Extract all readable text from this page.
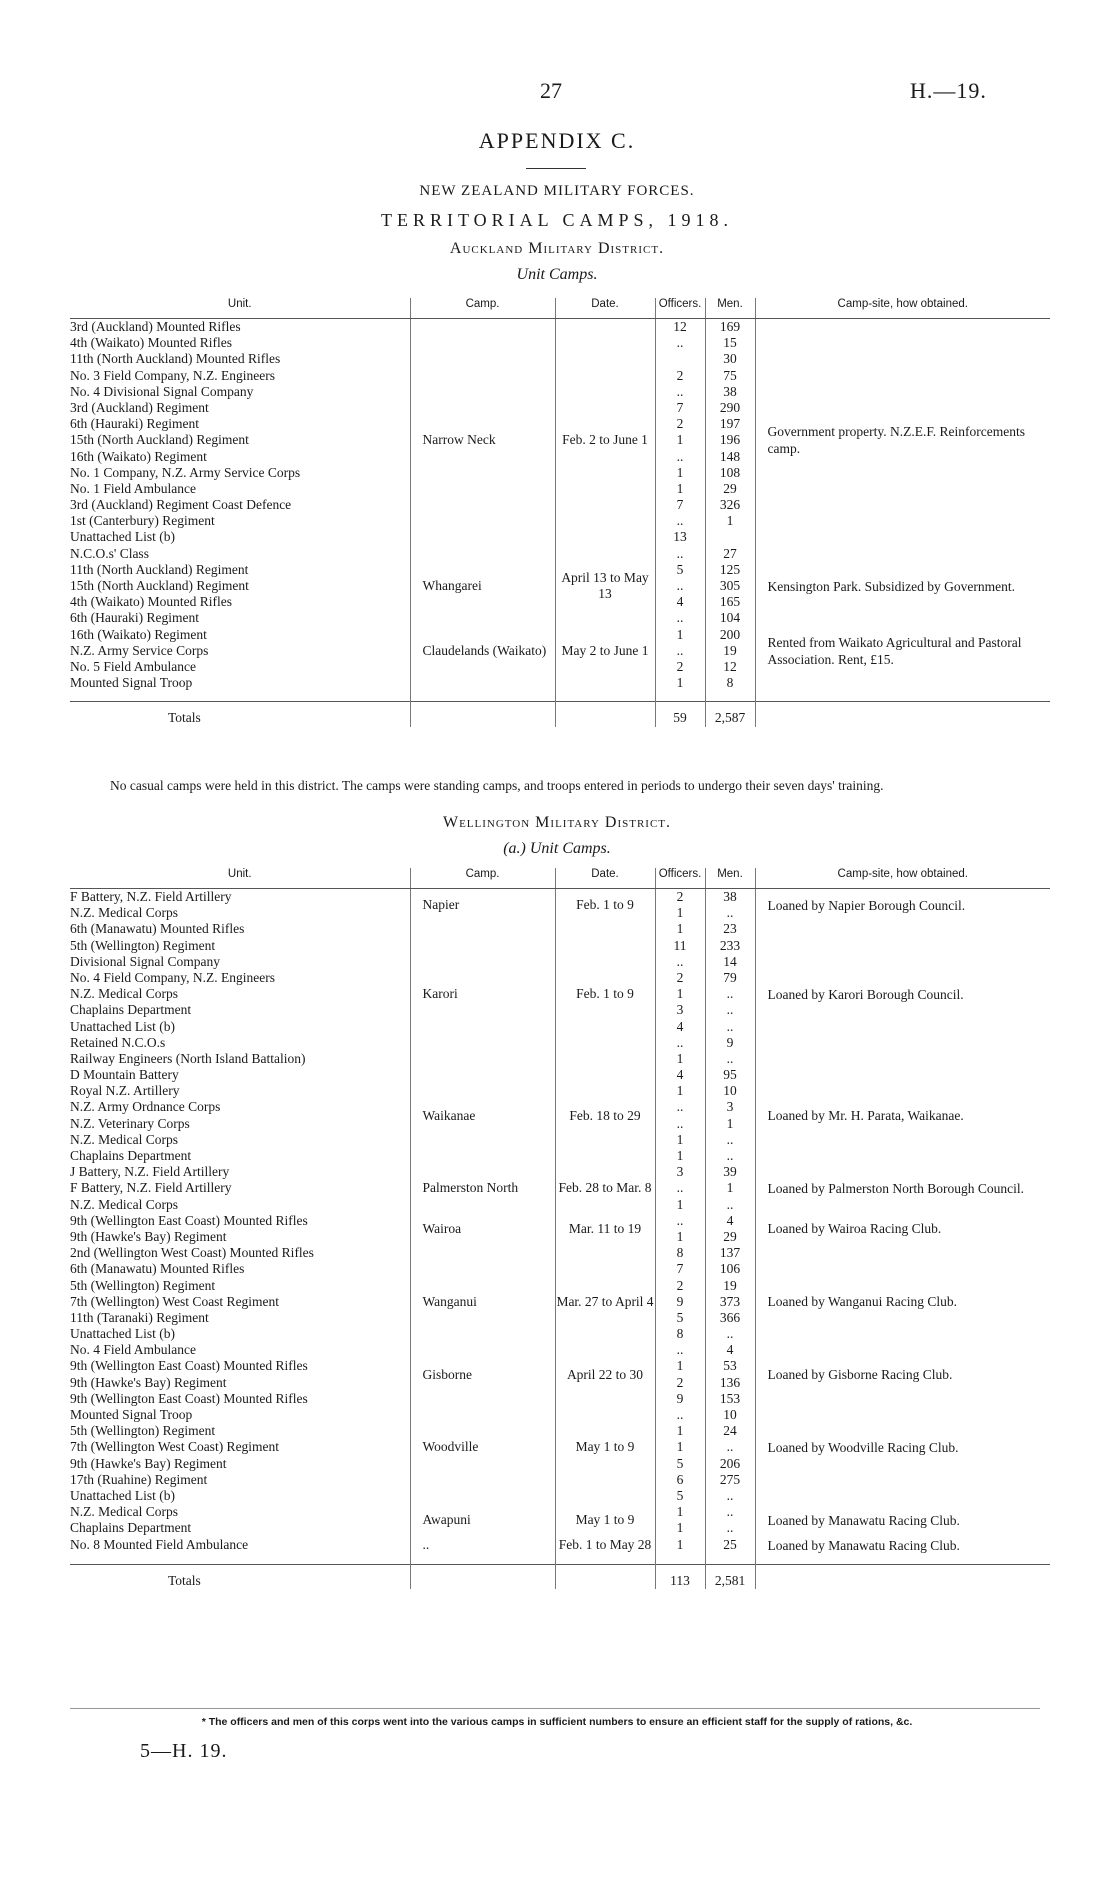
27	H.—19.
APPENDIX C.
NEW ZEALAND MILITARY FORCES.
TERRITORIAL CAMPS, 1918.
Auckland Military District.
Unit Camps.
Unit.	Camp.	Date.	Officers.	Men.	Camp-site, how obtained.
3rd (Auckland) Mounted Rifles	Narrow Neck	Feb. 2 to June 1	12	169	Government property. N.Z.E.F. Reinforcements camp.
4th (Waikato) Mounted Rifles			..	15	
11th (North Auckland) Mounted Rifles				30	
No. 3 Field Company, N.Z. Engineers			2	75	
No. 4 Divisional Signal Company			..	38	
3rd (Auckland) Regiment			7	290	
6th (Hauraki) Regiment			2	197	
15th (North Auckland) Regiment			1	196	
16th (Waikato) Regiment			..	148	
No. 1 Company, N.Z. Army Service Corps			1	108	
No. 1 Field Ambulance			1	29	
3rd (Auckland) Regiment Coast Defence			7	326	
1st (Canterbury) Regiment			..	1	
Unattached List (b)			13		
N.C.O.s' Class			..	27	
11th (North Auckland) Regiment	Whangarei	April 13 to May 13	5	125	Kensington Park. Subsidized by Government.
15th (North Auckland) Regiment			..	305	
4th (Waikato) Mounted Rifles			4	165	
6th (Hauraki) Regiment	Claudelands (Waikato)	May 2 to June 1	..	104	Rented from Waikato Agricultural and Pastoral Association. Rent, £15.
16th (Waikato) Regiment			1	200	
N.Z. Army Service Corps			..	19	
No. 5 Field Ambulance			2	12	
Mounted Signal Troop			1	8	

Totals			59	2,587	
No casual camps were held in this district. The camps were standing camps, and troops entered in periods to undergo their seven days' training.
Wellington Military District.
(a.) Unit Camps.
Unit.	Camp.	Date.	Officers.	Men.	Camp-site, how obtained.
F Battery, N.Z. Field Artillery	Napier	Feb. 1 to 9	2	38	Loaned by Napier Borough Council.
N.Z. Medical Corps			1	..	
6th (Manawatu) Mounted Rifles	Karori	Feb. 1 to 9	1	23	Loaned by Karori Borough Council.
5th (Wellington) Regiment			11	233	
Divisional Signal Company			..	14	
No. 4 Field Company, N.Z. Engineers			2	79	
N.Z. Medical Corps			1	..	
Chaplains Department			3	..	
Unattached List (b)			4	..	
Retained N.C.O.s			..	9	
Railway Engineers (North Island Battalion)			1	..	
D Mountain Battery	Waikanae	Feb. 18 to 29	4	95	Loaned by Mr. H. Parata, Waikanae.
Royal N.Z. Artillery			1	10	
N.Z. Army Ordnance Corps			..	3	
N.Z. Veterinary Corps			..	1	
N.Z. Medical Corps			1	..	
Chaplains Department			1	..	
J Battery, N.Z. Field Artillery	Palmerston North	Feb. 28 to Mar. 8	3	39	Loaned by Palmerston North Borough Council.
F Battery, N.Z. Field Artillery			..	1	
N.Z. Medical Corps			1	..	
9th (Wellington East Coast) Mounted Rifles	Wairoa	Mar. 11 to 19	..	4	Loaned by Wairoa Racing Club.
9th (Hawke's Bay) Regiment			1	29	
2nd (Wellington West Coast) Mounted Rifles	Wanganui	Mar. 27 to April 4	8	137	Loaned by Wanganui Racing Club.
6th (Manawatu) Mounted Rifles			7	106	
5th (Wellington) Regiment			2	19	
7th (Wellington) West Coast Regiment			9	373	
11th (Taranaki) Regiment			5	366	
Unattached List (b)			8	..	
No. 4 Field Ambulance			..	4	
9th (Wellington East Coast) Mounted Rifles	Gisborne	April 22 to 30	1	53	Loaned by Gisborne Racing Club.
9th (Hawke's Bay) Regiment			2	136	
9th (Wellington East Coast) Mounted Rifles	Woodville	May 1 to 9	9	153	Loaned by Woodville Racing Club.
Mounted Signal Troop			..	10	
5th (Wellington) Regiment			1	24	
7th (Wellington West Coast) Regiment			1	..	
9th (Hawke's Bay) Regiment			5	206	
17th (Ruahine) Regiment			6	275	
Unattached List (b)			5	..	
N.Z. Medical Corps	Awapuni	May 1 to 9	1	..	Loaned by Manawatu Racing Club.
Chaplains Department			1	..	
No. 8 Mounted Field Ambulance	..	Feb. 1 to May 28	1	25	Loaned by Manawatu Racing Club.

Totals			113	2,581	
* The officers and men of this corps went into the various camps in sufficient numbers to ensure an efficient staff for the supply of rations, &c.
5—H. 19.
